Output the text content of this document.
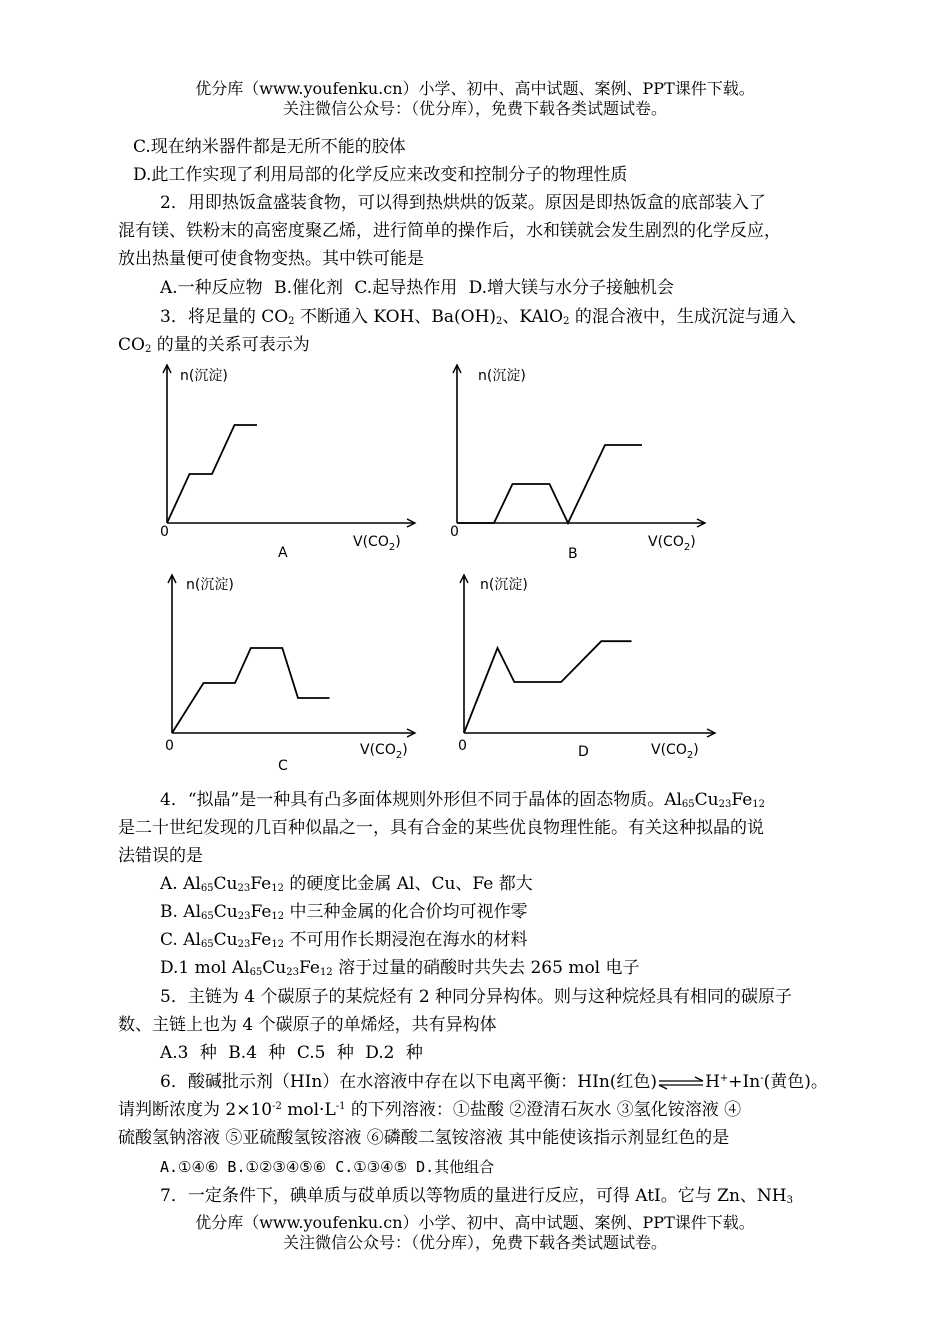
优分库（www.youfenku.cn）小学、初中、高中试题、案例、PPT课件下载。
关注微信公众号：（优分库），免费下载各类试题试卷。
C.现在纳米器件都是无所不能的胶体
D.此工作实现了利用局部的化学反应来改变和控制分子的物理性质
2．用即热饭盒盛装食物，可以得到热烘烘的饭菜。原因是即热饭盒的底部装入了
混有镁、铁粉末的高密度聚乙烯，进行简单的操作后，水和镁就会发生剧烈的化学反应，
放出热量便可使食物变热。其中铁可能是
A.一种反应物 B.催化剂 C.起导热作用 D.增大镁与水分子接触机会
3．将足量的 $CO_2$ 不断通入 KOH、$Ba(OH)_2$、KAlO$_2$ 的混合液中，生成沉淀与通入
$CO_2$ 的量的关系可表示为
n(沉淀)
$V(CO_2)$
0
A
n(沉淀)
$V(CO_2)$
0
B
n(沉淀)
$V(CO_2)$
0
C
n(沉淀)
$V(CO_2)$
0	D
4．“拟晶”是一种具有凸多面体规则外形但不同于晶体的固态物质。$Al_{65}Cu_{23}Fe_{12}$
是二十世纪发现的几百种似晶之一，具有合金的某些优良物理性能。有关这种拟晶的说
法错误的是
A. $Al_{65}Cu_{23}Fe_{12}$ 的硬度比金属 Al、Cu、Fe 都大
B. $Al_{65}Cu_{23}Fe_{12}$ 中三种金属的化合价均可视作零
C. $Al_{65}Cu_{23}Fe_{12}$ 不可用作长期浸泡在海水的材料
D.1 mol $Al_{65}Cu_{23}Fe_{12}$ 溶于过量的硝酸时共失去 265 mol 电子
5．主链为 4 个碳原子的某烷烃有 2 种同分异构体。则与这种烷烃具有相同的碳原子
数、主链上也为 4 个碳原子的单烯烃，共有异构体
A.3 种 B.4 种 C.5 种 D.2 种
6．酸碱批示剂（HIn）在水溶液中存在以下电离平衡：HIn(红色)⇌H++In-(黄色)。
请判断浓度为 $2\times 10^{-2}$ $mol\cdot L^{-1}$ 的下列溶液：①盐酸 ②澄清石灰水 ③氢化铵溶液 ④
硫酸氢钠溶液 ⑤亚硫酸氢铵溶液 ⑥磷酸二氢铵溶液 其中能使该指示剂显红色的是
A.①④⑥ B.①②③④⑤⑥ C.①③④⑤ D.其他组合
7．一定条件下，碘单质与砹单质以等物质的量进行反应，可得 AtI。它与 Zn、$NH_3$
优分库（www.youfenku.cn）小学、初中、高中试题、案例、PPT课件下载。
关注微信公众号：（优分库），免费下载各类试题试卷。
